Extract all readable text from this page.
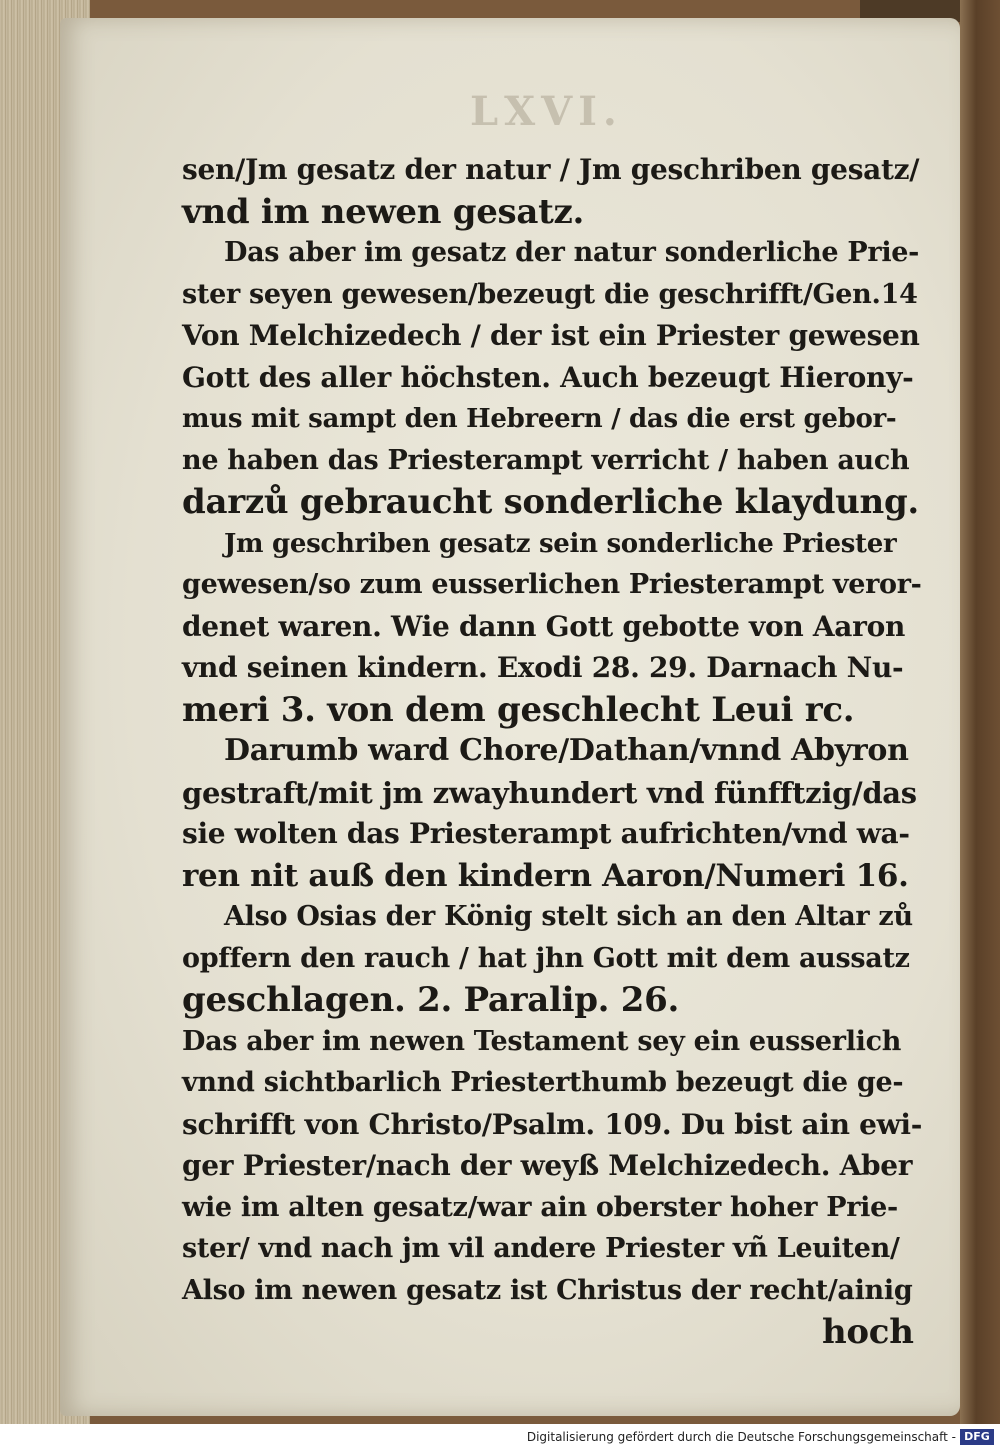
LXVI.
sen/Jm gesatz der natur / Jm geschriben gesatz/
vnd im newen gesatz.
Das aber im gesatz der natur sonderliche Prie-
ster seyen gewesen/bezeugt die geschrifft/Gen.14
Von Melchizedech / der ist ein Priester gewesen
Gott des aller höchsten. Auch bezeugt Hierony-
mus mit sampt den Hebreern / das die erst gebor-
ne haben das Priesterampt verricht / haben auch
darzů gebraucht sonderliche klaydung.
Jm geschriben gesatz sein sonderliche Priester
gewesen/so zum eusserlichen Priesterampt veror-
denet waren. Wie dann Gott gebotte von Aaron
vnd seinen kindern. Exodi 28. 29. Darnach Nu-
meri 3. von dem geschlecht Leui rc.
Darumb ward Chore/Dathan/vnnd Abyron
gestraft/mit jm zwayhundert vnd fünfftzig/das
sie wolten das Priesterampt aufrichten/vnd wa-
ren nit auß den kindern Aaron/Numeri 16.
Also Osias der König stelt sich an den Altar zů
opffern den rauch / hat jhn Gott mit dem aussatz
geschlagen. 2. Paralip. 26.
Das aber im newen Testament sey ein eusserlich
vnnd sichtbarlich Priesterthumb bezeugt die ge-
schrifft von Christo/Psalm. 109. Du bist ain ewi-
ger Priester/nach der weyß Melchizedech. Aber
wie im alten gesatz/war ain oberster hoher Prie-
ster/ vnd nach jm vil andere Priester vñ Leuiten/
Also im newen gesatz ist Christus der recht/ainig
hoch
Digitalisierung gefördert durch die Deutsche Forschungsgemeinschaft - DFG
